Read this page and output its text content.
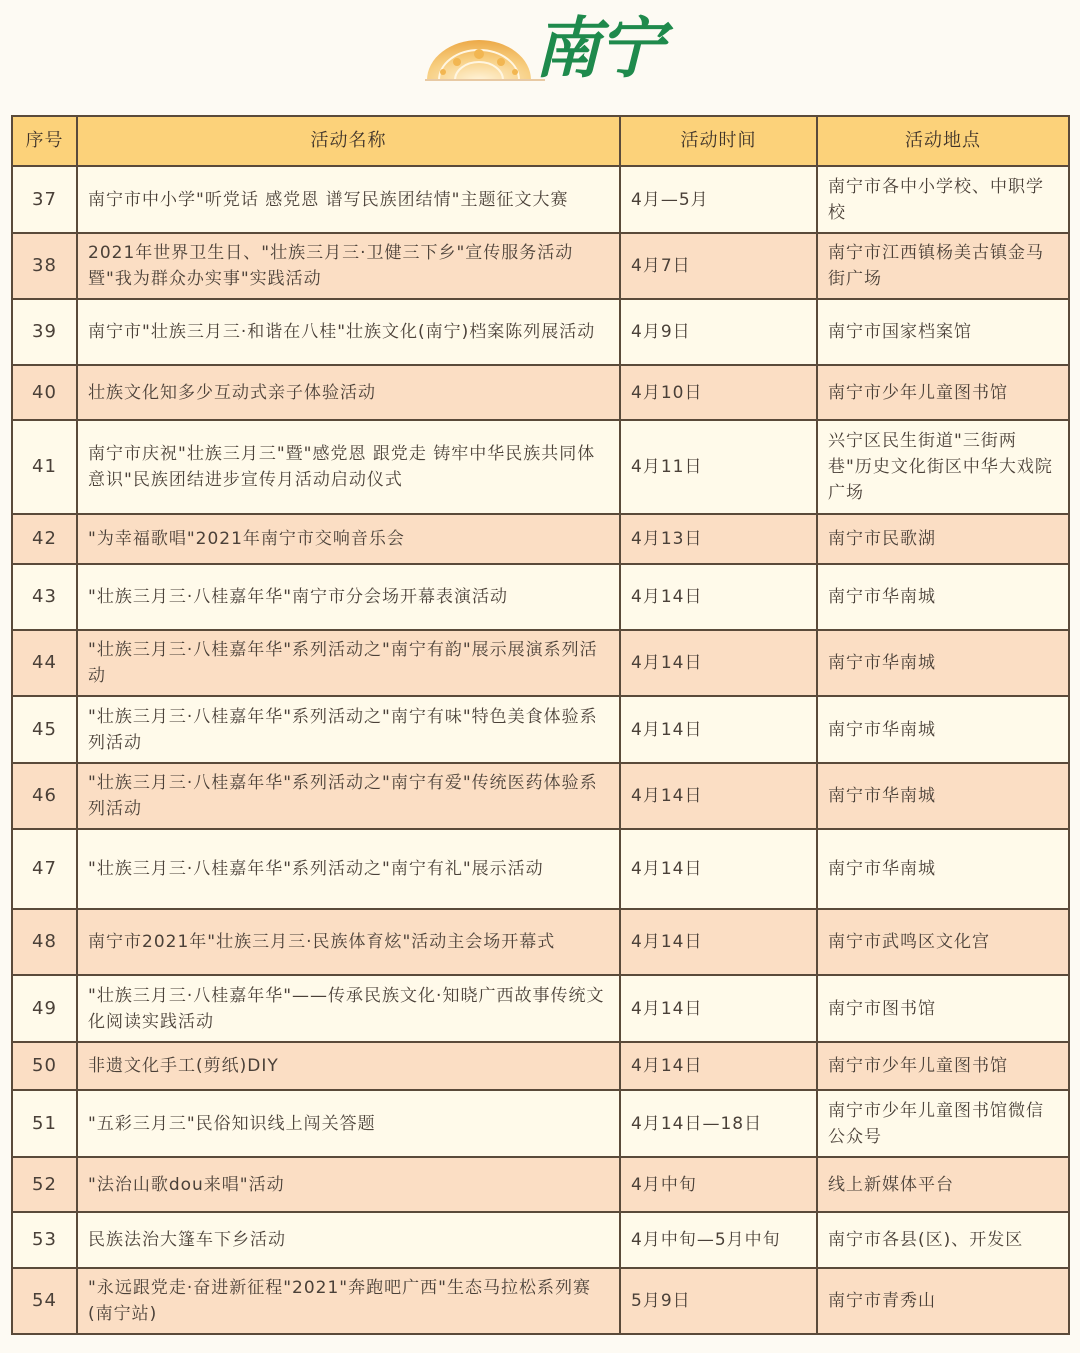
南宁
序号	活动名称	活动时间	活动地点
37	南宁市中小学"听党话 感党恩 谱写民族团结情"主题征文大赛	4月—5月	南宁市各中小学校、中职学校
38	2021年世界卫生日、"壮族三月三·卫健三下乡"宣传服务活动暨"我为群众办实事"实践活动	4月7日	南宁市江西镇杨美古镇金马街广场
39	南宁市"壮族三月三·和谐在八桂"壮族文化(南宁)档案陈列展活动	4月9日	南宁市国家档案馆
40	壮族文化知多少互动式亲子体验活动	4月10日	南宁市少年儿童图书馆
41	南宁市庆祝"壮族三月三"暨"感党恩 跟党走 铸牢中华民族共同体意识"民族团结进步宣传月活动启动仪式	4月11日	兴宁区民生街道"三街两巷"历史文化街区中华大戏院广场
42	"为幸福歌唱"2021年南宁市交响音乐会	4月13日	南宁市民歌湖
43	"壮族三月三·八桂嘉年华"南宁市分会场开幕表演活动	4月14日	南宁市华南城
44	"壮族三月三·八桂嘉年华"系列活动之"南宁有韵"展示展演系列活动	4月14日	南宁市华南城
45	"壮族三月三·八桂嘉年华"系列活动之"南宁有味"特色美食体验系列活动	4月14日	南宁市华南城
46	"壮族三月三·八桂嘉年华"系列活动之"南宁有爱"传统医药体验系列活动	4月14日	南宁市华南城
47	"壮族三月三·八桂嘉年华"系列活动之"南宁有礼"展示活动	4月14日	南宁市华南城
48	南宁市2021年"壮族三月三·民族体育炫"活动主会场开幕式	4月14日	南宁市武鸣区文化宫
49	"壮族三月三·八桂嘉年华"——传承民族文化·知晓广西故事传统文化阅读实践活动	4月14日	南宁市图书馆
50	非遗文化手工(剪纸)DIY	4月14日	南宁市少年儿童图书馆
51	"五彩三月三"民俗知识线上闯关答题	4月14日—18日	南宁市少年儿童图书馆微信公众号
52	"法治山歌dou来唱"活动	4月中旬	线上新媒体平台
53	民族法治大篷车下乡活动	4月中旬—5月中旬	南宁市各县(区)、开发区
54	"永远跟党走·奋进新征程"2021"奔跑吧广西"生态马拉松系列赛(南宁站)	5月9日	南宁市青秀山
